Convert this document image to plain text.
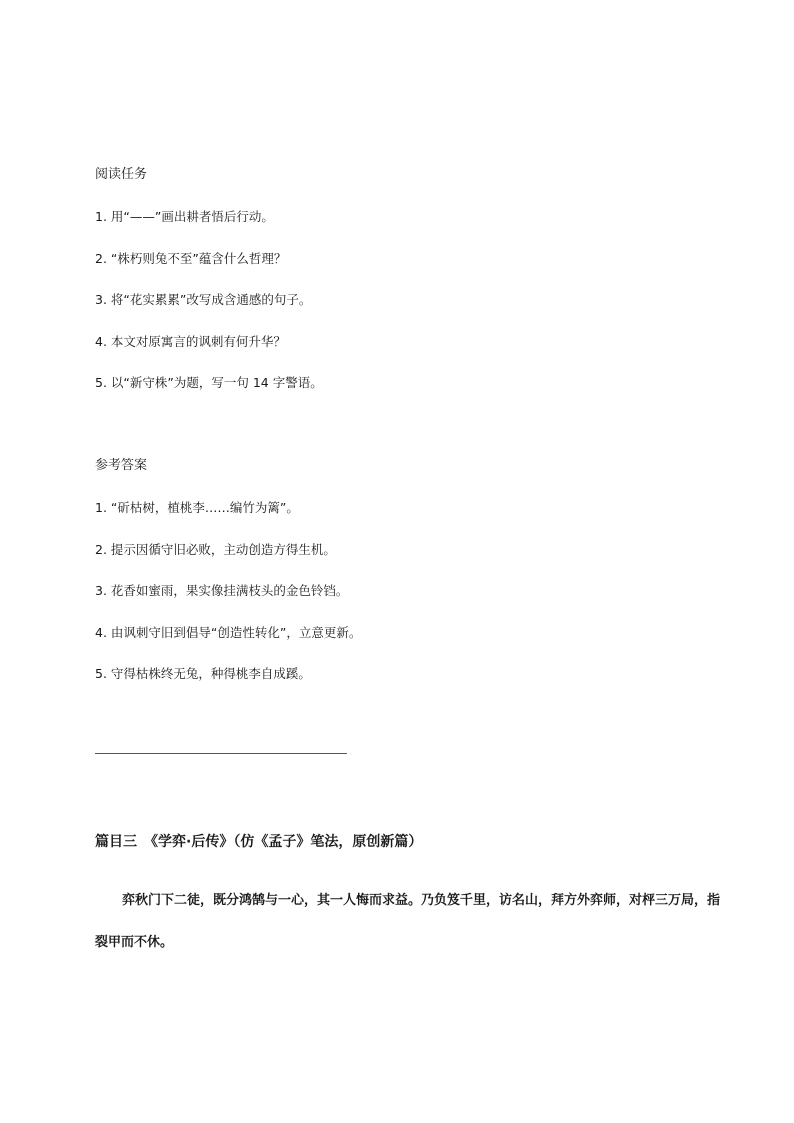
阅读任务
1. 用“——”画出耕者悟后行动。
2. “株朽则兔不至”蕴含什么哲理？
3. 将“花实累累”改写成含通感的句子。
4. 本文对原寓言的讽刺有何升华？
5. 以“新守株”为题，写一句 14 字警语。
参考答案
1. “斫枯树，植桃李……编竹为篱”。
2. 提示因循守旧必败，主动创造方得生机。
3. 花香如蜜雨，果实像挂满枝头的金色铃铛。
4. 由讽刺守旧到倡导“创造性转化”，立意更新。
5. 守得枯株终无兔，种得桃李自成蹊。
篇目三　《学弈·后传》（仿《孟子》笔法，原创新篇）
弈秋门下二徒，既分鸿鹄与一心，其一人悔而求益。乃负笈千里，访名山，拜方外弈师，对枰三万局，指裂甲而不休。
